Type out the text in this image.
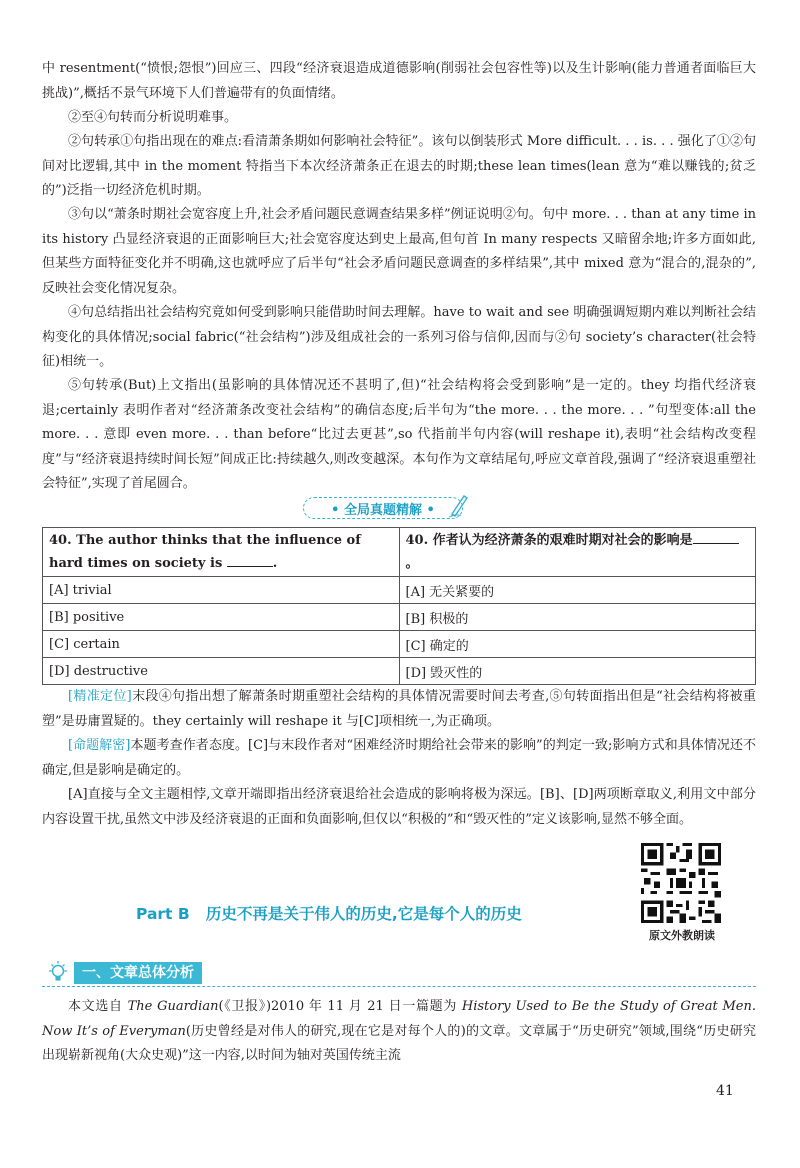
中 resentment(“愤恨;怨恨”)回应三、四段“经济衰退造成道德影响(削弱社会包容性等)以及生计影响(能力普通者面临巨大挑战)”,概括不景气环境下人们普遍带有的负面情绪。

②至④句转而分析说明难事。

②句转承①句指出现在的难点:看清萧条期如何影响社会特征”。该句以倒装形式 More difficult. . . is. . . 强化了①②句间对比逻辑,其中 in the moment 特指当下本次经济萧条正在退去的时期;these lean times(lean 意为“难以赚钱的;贫乏的”)泛指一切经济危机时期。

③句以“萧条时期社会宽容度上升,社会矛盾问题民意调查结果多样”例证说明②句。句中 more. . . than at any time in its history 凸显经济衰退的正面影响巨大;社会宽容度达到史上最高,但句首 In many respects 又暗留余地;许多方面如此,但某些方面特征变化并不明确,这也就呼应了后半句“社会矛盾问题民意调查的多样结果”,其中 mixed 意为“混合的,混杂的”,反映社会变化情况复杂。

④句总结指出社会结构究竟如何受到影响只能借助时间去理解。have to wait and see 明确强调短期内难以判断社会结构变化的具体情况;social fabric(“社会结构”)涉及组成社会的一系列习俗与信仰,因而与②句 society’s character(社会特征)相统一。

⑤句转承(But)上文指出(虽影响的具体情况还不甚明了,但)“社会结构将会受到影响”是一定的。they 均指代经济衰退;certainly 表明作者对“经济萧条改变社会结构”的确信态度;后半句为“the more. . . the more. . . ”句型变体:all the more. . . 意即 even more. . . than before“比过去更甚”,so 代指前半句内容(will reshape it),表明“社会结构改变程度”与“经济衰退持续时间长短”间成正比:持续越久,则改变越深。本句作为文章结尾句,呼应文章首段,强调了“经济衰退重塑社会特征”,实现了首尾圆合。

• 全局真题精解 •
40. The author thinks that the influence of hard times on society is .	40. 作者认为经济萧条的艰难时期对社会的影响是。
[A] trivial	[A] 无关紧要的
[B] positive	[B] 积极的
[C] certain	[C] 确定的
[D] destructive	[D] 毁灭性的

[精准定位]末段④句指出想了解萧条时期重塑社会结构的具体情况需要时间去考查,⑤句转面指出但是“社会结构将被重塑”是毋庸置疑的。they certainly will reshape it 与[C]项相统一,为正确项。

[命题解密]本题考查作者态度。[C]与末段作者对“困难经济时期给社会带来的影响”的判定一致;影响方式和具体情况还不确定,但是影响是确定的。

[A]直接与全文主题相悖,文章开端即指出经济衰退给社会造成的影响将极为深远。[B]、[D]两项断章取义,利用文中部分内容设置干扰,虽然文中涉及经济衰退的正面和负面影响,但仅以“积极的”和“毁灭性的”定义该影响,显然不够全面。

Part B 历史不再是关于伟人的历史,它是每个人的历史
原文外教朗读
一、文章总体分析

本文选自 The Guardian(《卫报》)2010 年 11 月 21 日一篇题为 History Used to Be the Study of Great Men. Now It’s of Everyman(历史曾经是对伟人的研究,现在它是对每个人的)的文章。文章属于“历史研究”领域,围绕“历史研究出现崭新视角(大众史观)”这一内容,以时间为轴对英国传统主流

41
